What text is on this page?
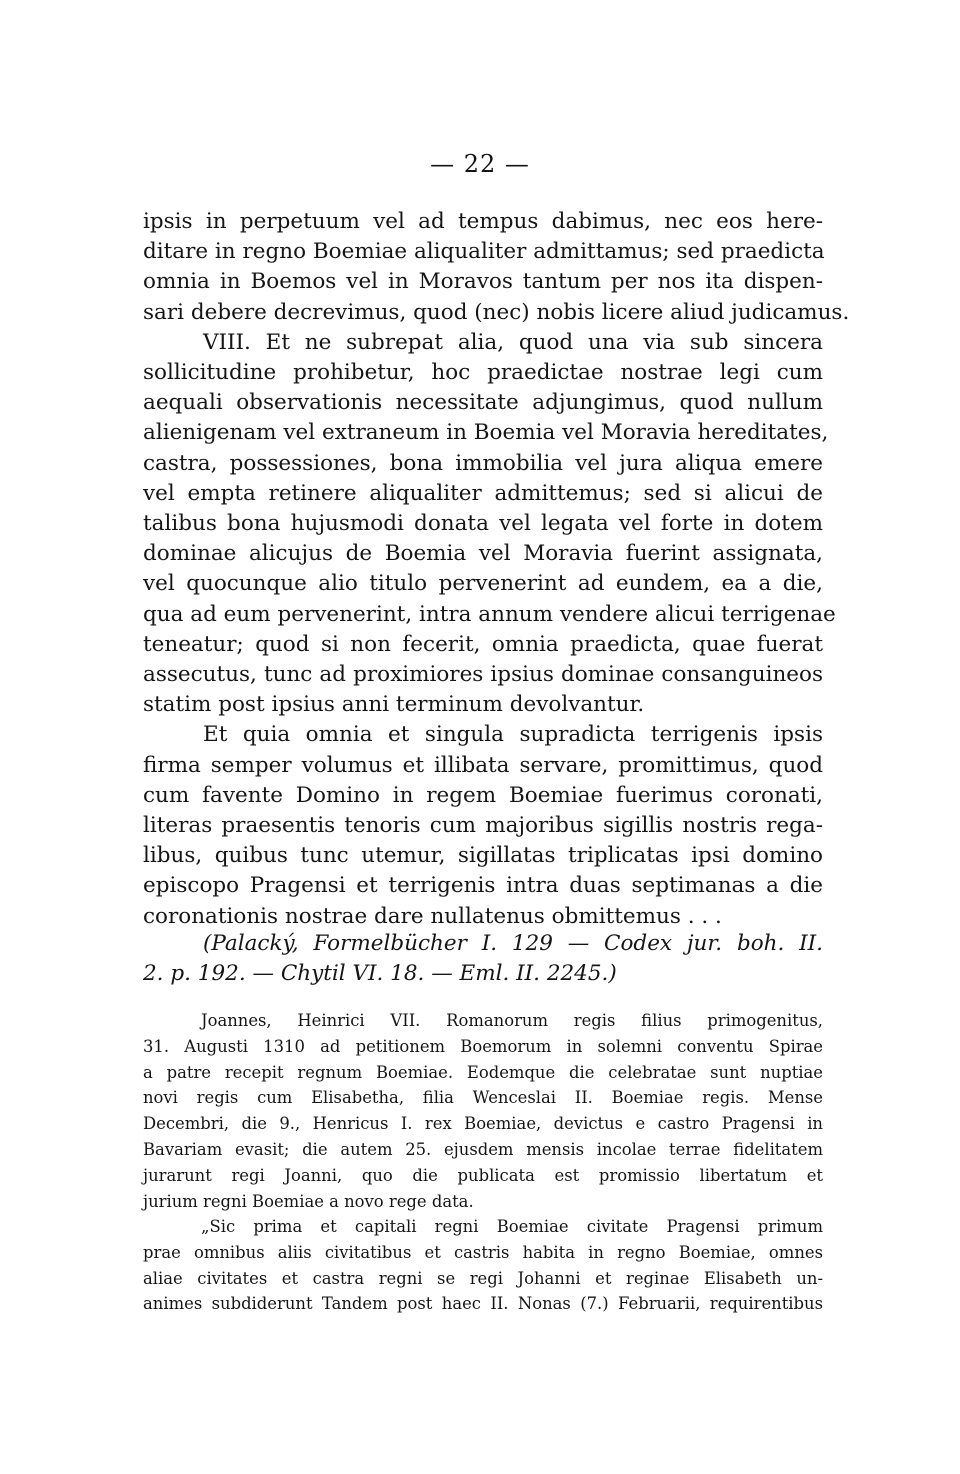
— 22 —
ipsis in perpetuum vel ad tempus dabimus, nec eos here-
ditare in regno Boemiae aliqualiter admittamus; sed praedicta
omnia in Boemos vel in Moravos tantum per nos ita dispen-
sari debere decrevimus, quod (nec) nobis licere aliud judicamus.
VIII. Et ne subrepat alia, quod una via sub sincera
sollicitudine prohibetur, hoc praedictae nostrae legi cum
aequali observationis necessitate adjungimus, quod nullum
alienigenam vel extraneum in Boemia vel Moravia hereditates,
castra, possessiones, bona immobilia vel jura aliqua emere
vel empta retinere aliqualiter admittemus; sed si alicui de
talibus bona hujusmodi donata vel legata vel forte in dotem
dominae alicujus de Boemia vel Moravia fuerint assignata,
vel quocunque alio titulo pervenerint ad eundem, ea a die,
qua ad eum pervenerint, intra annum vendere alicui terrigenae
teneatur; quod si non fecerit, omnia praedicta, quae fuerat
assecutus, tunc ad proximiores ipsius dominae consanguineos
statim post ipsius anni terminum devolvantur.
Et quia omnia et singula supradicta terrigenis ipsis
firma semper volumus et illibata servare, promittimus, quod
cum favente Domino in regem Boemiae fuerimus coronati,
literas praesentis tenoris cum majoribus sigillis nostris rega-
libus, quibus tunc utemur, sigillatas triplicatas ipsi domino
episcopo Pragensi et terrigenis intra duas septimanas a die
coronationis nostrae dare nullatenus obmittemus . . .
(Palacký, Formelbücher I. 129 — Codex jur. boh. II.
2. p. 192. — Chytil VI. 18. — Eml. II. 2245.)
Joannes, Heinrici VII. Romanorum regis filius primogenitus,
31. Augusti 1310 ad petitionem Boemorum in solemni conventu Spirae
a patre recepit regnum Boemiae. Eodemque die celebratae sunt nuptiae
novi regis cum Elisabetha, filia Wenceslai II. Boemiae regis. Mense
Decembri, die 9., Henricus I. rex Boemiae, devictus e castro Pragensi in
Bavariam evasit; die autem 25. ejusdem mensis incolae terrae fidelitatem
jurarunt regi Joanni, quo die publicata est promissio libertatum et
jurium regni Boemiae a novo rege data.
„Sic prima et capitali regni Boemiae civitate Pragensi primum
prae omnibus aliis civitatibus et castris habita in regno Boemiae, omnes
aliae civitates et castra regni se regi Johanni et reginae Elisabeth un-
animes subdiderunt Tandem post haec II. Nonas (7.) Februarii, requirentibus
